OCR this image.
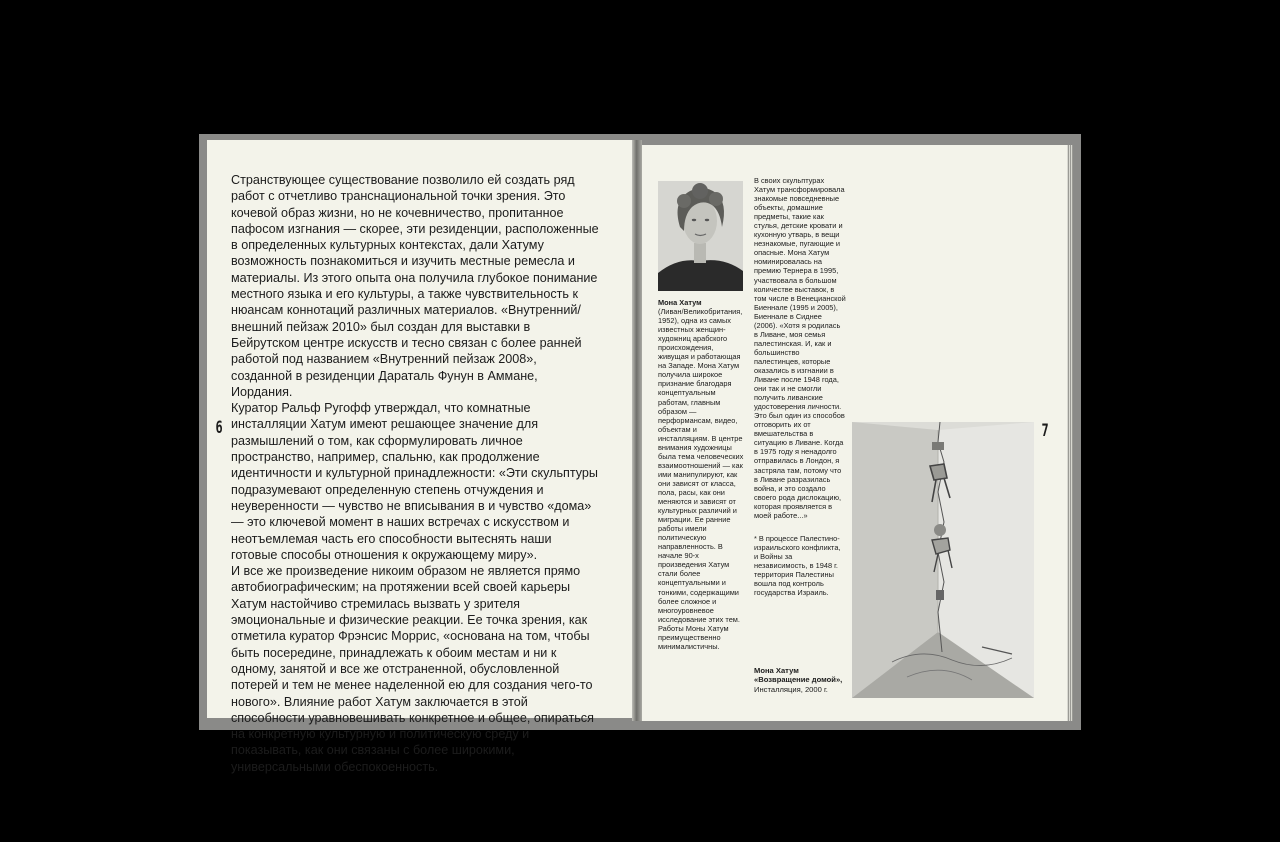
Странствующее существование позволило ей создать ряд работ с отчетливо транснациональной точки зрения. Это кочевой образ жизни, но не кочевничество, пропитанное пафосом изгнания — скорее, эти резиденции, расположенные в определенных культурных контекстах, дали Хатуму возможность познакомиться и изучить местные ремесла и материалы. Из этого опыта она получила глубокое понимание местного языка и его культуры, а также чувствительность к нюансам коннотаций различных материалов. «Внутренний/внешний пейзаж 2010» был создан для выставки в Бейрутском центре искусств и тесно связан с более ранней работой под названием «Внутренний пейзаж 2008», созданной в резиденции Дараталь Фунун в Аммане, Иордания.

Куратор Ральф Ругофф утверждал, что комнатные инсталляции Хатум имеют решающее значение для размышлений о том, как сформулировать личное пространство, например, спальню, как продолжение идентичности и культурной принадлежности: «Эти скульптуры подразумевают определенную степень отчуждения и неуверенности — чувство не вписывания в и чувство «дома» — это ключевой момент в наших встречах с искусством и неотъемлемая часть его способности вытеснять наши готовые способы отношения к окружающему миру».

И все же произведение никоим образом не является прямо автобиографическим; на протяжении всей своей карьеры Хатум настойчиво стремилась вызвать у зрителя эмоциональные и физические реакции. Ее точка зрения, как отметила куратор Фрэнсис Моррис, «основана на том, чтобы быть посередине, принадлежать к обоим местам и ни к одному, занятой и все же отстраненной, обусловленной потерей и тем не менее наделенной ею для создания чего-то нового». Влияние работ Хатум заключается в этой способности уравновешивать конкретное и общее, опираться на конкретную культурную и политическую среду и показывать, как они связаны с более широкими, универсальными обеспокоенность.

Мона Хатум

(Ливан/Великобритания, 1952), одна из самых известных женщин-художниц арабского происхождения, живущая и работающая на Западе. Мона Хатум получила широкое признание благодаря концептуальным работам, главным образом — перформансам, видео, объектам и инсталляциям. В центре внимания художницы была тема человеческих взаимоотношений — как ими манипулируют, как они зависят от класса, пола, расы, как они меняются и зависят от культурных различий и миграции. Ее ранние работы имели политическую направленность. В начале 90-х произведения Хатум стали более концептуальными и тонкими, содержащими более сложное и многоуровневое исследование этих тем. Работы Моны Хатум преимущественно минималистичны.

В своих скульптурах Хатум трансформировала знакомые повседневные объекты, домашние предметы, такие как стулья, детские кровати и кухонную утварь, в вещи незнакомые, пугающие и опасные. Мона Хатум номинировалась на премию Тернера в 1995, участвовала в большом количестве выставок, в том числе в Венецианской Биеннале (1995 и 2005), Биеннале в Сиднее (2006). «Хотя я родилась в Ливане, моя семья палестинская. И, как и большинство палестинцев, которые оказались в изгнании в Ливане после 1948 года, они так и не смогли получить ливанские удостоверения личности. Это был один из способов отговорить их от вмешательства в ситуацию в Ливане. Когда в 1975 году я ненадолго отправилась в Лондон, я застряла там, потому что в Ливане разразилась война, и это создало своего рода дислокацию, которая проявляется в моей работе...»

* В процессе Палестино-израильского конфликта, и Войны за независимость, в 1948 г. территория Палестины вошла под контроль государства Израиль.

Мона Хатум
«Возвращение домой»,
Инсталляция, 2000 г.
6	7
